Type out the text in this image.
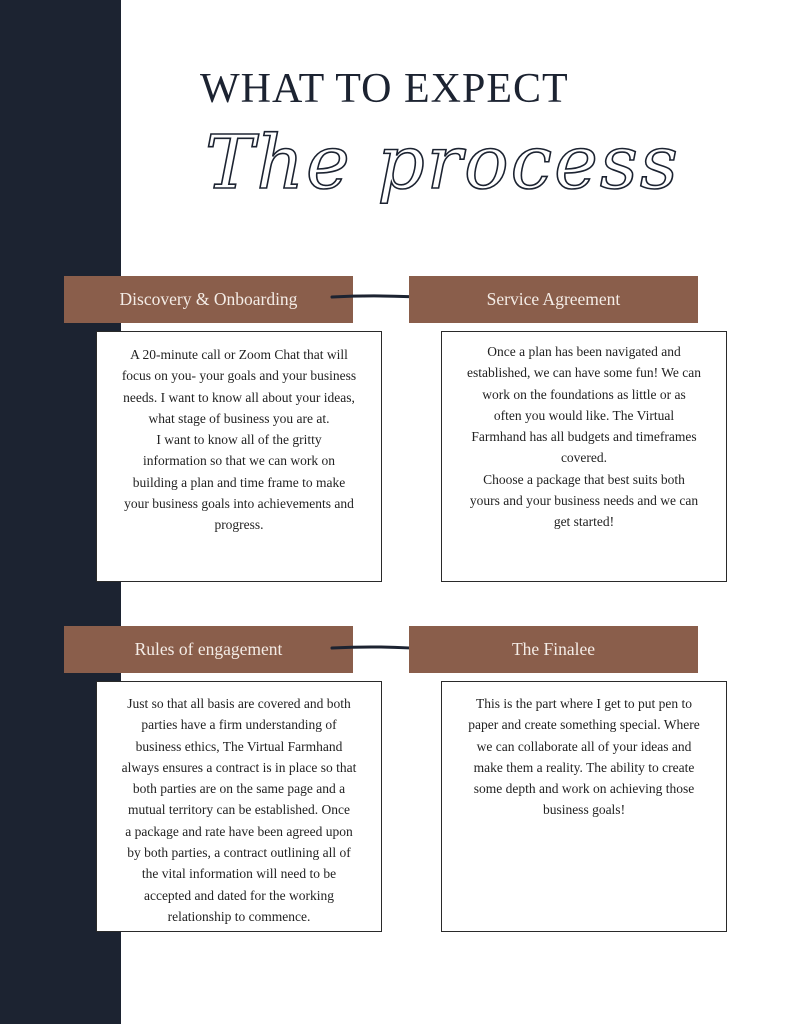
WHAT TO EXPECT
The process
Discovery & Onboarding	Service Agreement
A 20-minute call or Zoom Chat that will
focus on you- your goals and your business
needs. I want to know all about your ideas,
what stage of business you are at.
I want to know all of the gritty
information so that we can work on
building a plan and time frame to make
your business goals into achievements and
progress.
Once a plan has been navigated and
established, we can have some fun! We can
work on the foundations as little or as
often you would like. The Virtual
Farmhand has all budgets and timeframes
covered.
Choose a package that best suits both
yours and your business needs and we can
get started!
Rules of engagement	The Finalee
Just so that all basis are covered and both
parties have a firm understanding of
business ethics, The Virtual Farmhand
always ensures a contract is in place so that
both parties are on the same page and a
mutual territory can be established. Once
a package and rate have been agreed upon
by both parties, a contract outlining all of
the vital information will need to be
accepted and dated for the working
relationship to commence.
This is the part where I get to put pen to
paper and create something special. Where
we can collaborate all of your ideas and
make them a reality. The ability to create
some depth and work on achieving those
business goals!
